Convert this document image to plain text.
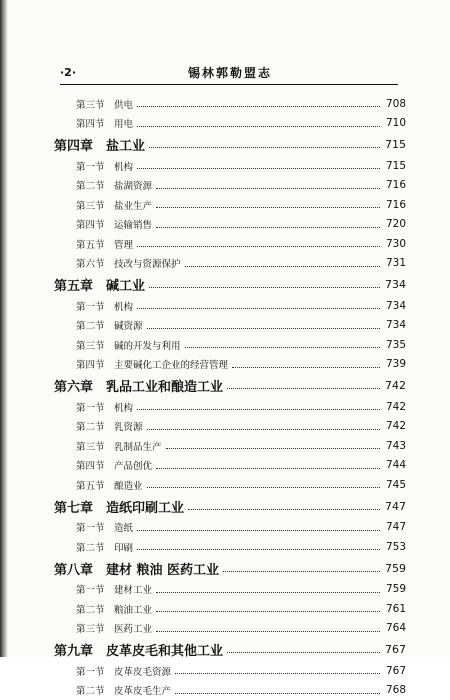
·2·	锡林郭勒盟志
第三节　供电	708
第四节　用电	710
第四章　盐工业	715
第一节　机构	715
第二节　盐湖资源	716
第三节　盐业生产	716
第四节　运输销售	720
第五节　管理	730
第六节　技改与资源保护	731
第五章　碱工业	734
第一节　机构	734
第二节　碱资源	734
第三节　碱的开发与利用	735
第四节　主要碱化工企业的经营管理	739
第六章　乳品工业和酿造工业	742
第一节　机构	742
第二节　乳资源	742
第三节　乳制品生产	743
第四节　产品创优	744
第五节　酿造业	745
第七章　造纸印刷工业	747
第一节　造纸	747
第二节　印刷	753
第八章　建材 粮油 医药工业	759
第一节　建材工业	759
第二节　粮油工业	761
第三节　医药工业	764
第九章　皮革皮毛和其他工业	767
第一节　皮革皮毛资源	767
第二节　皮革皮毛生产	768
